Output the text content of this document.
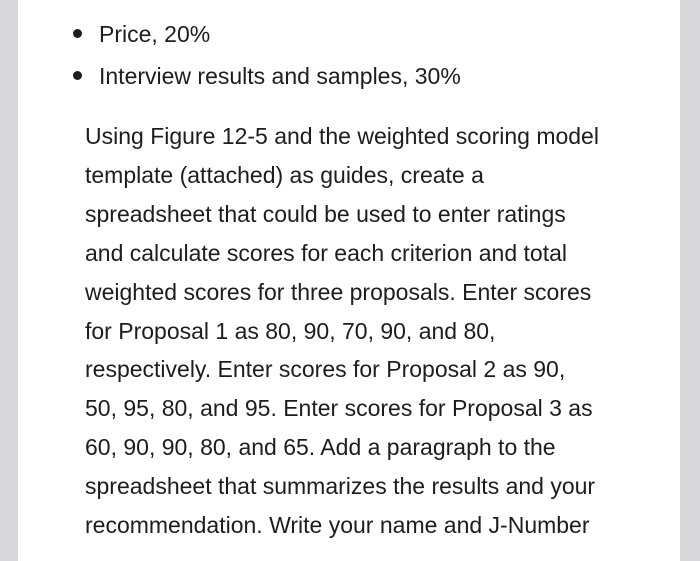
Price, 20%
Interview results and samples, 30%

Using Figure 12-5 and the weighted scoring model
template (attached) as guides, create a
spreadsheet that could be used to enter ratings
and calculate scores for each criterion and total
weighted scores for three proposals. Enter scores
for Proposal 1 as 80, 90, 70, 90, and 80,
respectively. Enter scores for Proposal 2 as 90,
50, 95, 80, and 95. Enter scores for Proposal 3 as
60, 90, 90, 80, and 65. Add a paragraph to the
spreadsheet that summarizes the results and your
recommendation. Write your name and J-Number
